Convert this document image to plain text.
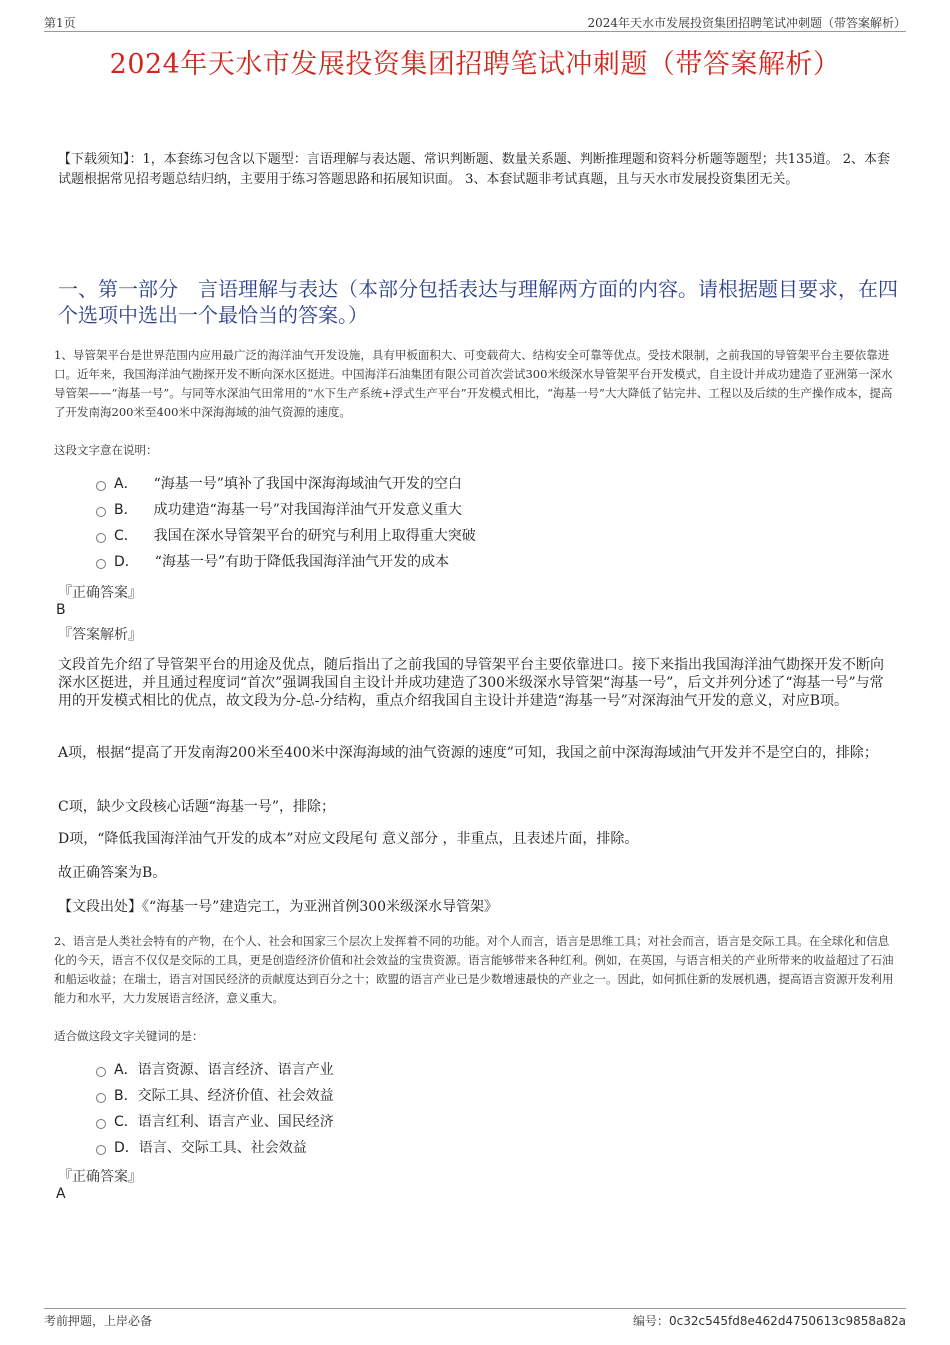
第1页	2024年天水市发展投资集团招聘笔试冲刺题（带答案解析）
2024年天水市发展投资集团招聘笔试冲刺题（带答案解析）
【下载须知】：1，本套练习包含以下题型：言语理解与表达题、常识判断题、数量关系题、判断推理题和资料分析题等题型；共135道。 2、本套试题根据常见招考题总结归纳，主要用于练习答题思路和拓展知识面。 3、本套试题非考试真题，且与天水市发展投资集团无关。
一、第一部分　言语理解与表达（本部分包括表达与理解两方面的内容。请根据题目要求，在四个选项中选出一个最恰当的答案。）
1、导管架平台是世界范围内应用最广泛的海洋油气开发设施，具有甲板面积大、可变载荷大、结构安全可靠等优点。受技术限制，之前我国的导管架平台主要依靠进口。近年来，我国海洋油气勘探开发不断向深水区挺进。中国海洋石油集团有限公司首次尝试300米级深水导管架平台开发模式，自主设计并成功建造了亚洲第一深水导管架——“海基一号”。与同等水深油气田常用的“水下生产系统+浮式生产平台”开发模式相比，“海基一号”大大降低了钻完井、工程以及后续的生产操作成本，提高了开发南海200米至400米中深海海域的油气资源的速度。
这段文字意在说明：
A． “海基一号”填补了我国中深海海域油气开发的空白
B． 成功建造“海基一号”对我国海洋油气开发意义重大
C． 我国在深水导管架平台的研究与利用上取得重大突破
D． “海基一号”有助于降低我国海洋油气开发的成本
『正确答案』
B
『答案解析』
文段首先介绍了导管架平台的用途及优点，随后指出了之前我国的导管架平台主要依靠进口。接下来指出我国海洋油气勘探开发不断向深水区挺进，并且通过程度词“首次”强调我国自主设计并成功建造了300米级深水导管架“海基一号”，后文并列分述了“海基一号”与常用的开发模式相比的优点，故文段为分-总-分结构，重点介绍我国自主设计并建造“海基一号”对深海油气开发的意义，对应B项。
A项，根据“提高了开发南海200米至400米中深海海域的油气资源的速度”可知，我国之前中深海海域油气开发并不是空白的，排除；
C项，缺少文段核心话题“海基一号”，排除；
D项，“降低我国海洋油气开发的成本”对应文段尾句 意义部分 ，非重点，且表述片面，排除。
故正确答案为B。
【文段出处】《“海基一号”建造完工，为亚洲首例300米级深水导管架》
2、语言是人类社会特有的产物，在个人、社会和国家三个层次上发挥着不同的功能。对个人而言，语言是思维工具；对社会而言，语言是交际工具。在全球化和信息化的今天，语言不仅仅是交际的工具，更是创造经济价值和社会效益的宝贵资源。语言能够带来各种红利。例如，在英国，与语言相关的产业所带来的收益超过了石油和船运收益；在瑞士，语言对国民经济的贡献度达到百分之十；欧盟的语言产业已是少数增速最快的产业之一。因此，如何抓住新的发展机遇，提高语言资源开发利用能力和水平，大力发展语言经济，意义重大。
适合做这段文字关键词的是：
A．语言资源、语言经济、语言产业
B．交际工具、经济价值、社会效益
C．语言红利、语言产业、国民经济
D．语言、交际工具、社会效益
『正确答案』
A
考前押题，上岸必备	编号：0c32c545fd8e462d4750613c9858a82a
